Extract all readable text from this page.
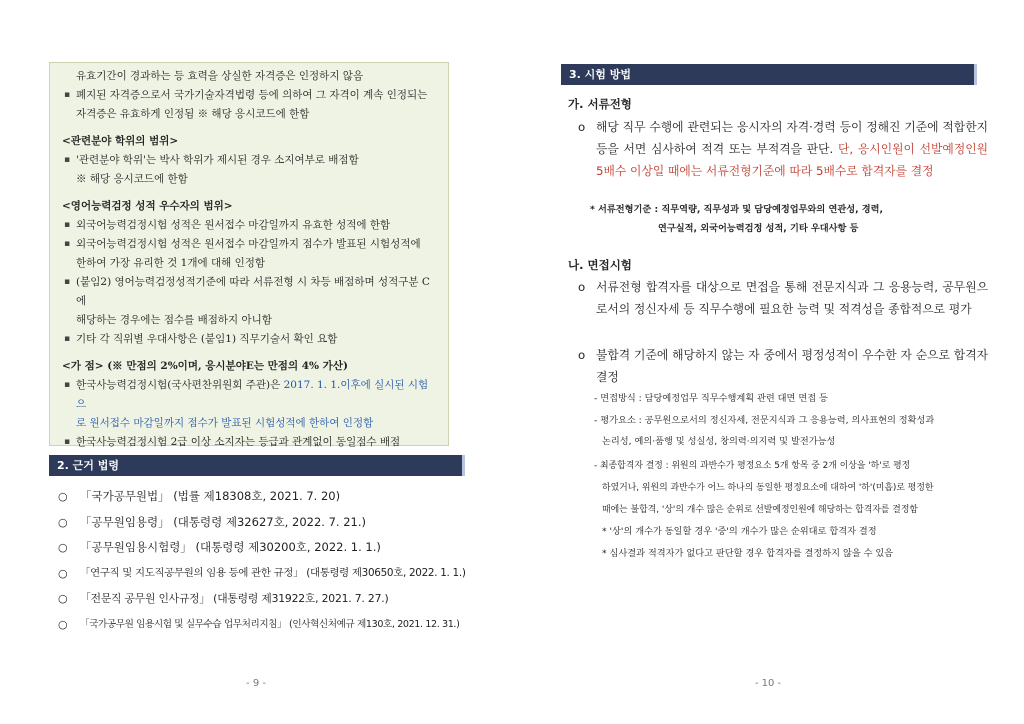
유효기간이 경과하는 등 효력을 상실한 자격증은 인정하지 않음

▪ 폐지된 자격증으로서 국가기술자격법령 등에 의하여 그 자격이 계속 인정되는

자격증은 유효하게 인정됨 ※ 해당 응시코드에 한함

<관련분야 학위의 범위>

▪ '관련분야 학위'는 박사 학위가 제시된 경우 소지여부로 배점함

※ 해당 응시코드에 한함

<영어능력검정 성적 우수자의 범위>

▪ 외국어능력검정시험 성적은 원서접수 마감일까지 유효한 성적에 한함

▪ 외국어능력검정시험 성적은 원서접수 마감일까지 점수가 발표된 시험성적에

한하여 가장 유리한 것 1개에 대해 인정함

▪ (붙임2) 영어능력검정성적기준에 따라 서류전형 시 차등 배점하며 성적구분 C에

해당하는 경우에는 점수를 배점하지 아니함

▪ 기타 각 직위별 우대사항은 (붙임1) 직무기술서 확인 요함

<가 점> (※ 만점의 2%이며, 응시분야E는 만점의 4% 가산)

▪ 한국사능력검정시험(국사편찬위원회 주관)은 2017. 1. 1.이후에 실시된 시험으

로 원서접수 마감일까지 점수가 발표된 시험성적에 한하여 인정함

▪ 한국사능력검정시험 2급 이상 소지자는 등급과 관계없이 동일점수 배점

2. 근거 법령
○ 「국가공무원법」 (법률 제18308호, 2021. 7. 20)
○ 「공무원임용령」 (대통령령 제32627호, 2022. 7. 21.)
○ 「공무원임용시험령」 (대통령령 제30200호, 2022. 1. 1.)
○ 「연구직 및 지도직공무원의 임용 등에 관한 규정」 (대통령령 제30650호, 2022. 1. 1.)
○ 「전문직 공무원 인사규정」 (대통령령 제31922호, 2021. 7. 27.)
○ 「국가공무원 임용시험 및 실무수습 업무처리지침」 (인사혁신처예규 제130호, 2021. 12. 31.)
- 9 -
3. 시험 방법
가. 서류전형
o 해당 직무 수행에 관련되는 응시자의 자격·경력 등이 정해진 기준에 적합한지 등을 서면 심사하여 적격 또는 부적격을 판단. 단, 응시인원이 선발예정인원 5배수 이상일 때에는 서류전형기준에 따라 5배수로 합격자를 결정
* 서류전형기준 : 직무역량, 직무성과 및 담당예정업무와의 연관성, 경력,
연구실적, 외국어능력검정 성적, 기타 우대사항 등
나. 면접시험
o 서류전형 합격자를 대상으로 면접을 통해 전문지식과 그 응용능력, 공무원으로서의 정신자세 등 직무수행에 필요한 능력 및 적격성을 종합적으로 평가
o 불합격 기준에 해당하지 않는 자 중에서 평정성적이 우수한 자 순으로 합격자 결정
- 면접방식 : 담당예정업무 직무수행계획 관련 대면 면접 등
- 평가요소 : 공무원으로서의 정신자세, 전문지식과 그 응용능력, 의사표현의 정확성과
논리성, 예의·품행 및 성실성, 창의력·의지력 및 발전가능성
- 최종합격자 결정 : 위원의 과반수가 평정요소 5개 항목 중 2개 이상을 '하'로 평정
하였거나, 위원의 과반수가 어느 하나의 동일한 평정요소에 대하여 '하'(미흡)로 평정한
때에는 불합격, '상'의 개수 많은 순위로 선발예정인원에 해당하는 합격자를 결정함
* '상'의 개수가 동일할 경우 '중'의 개수가 많은 순위대로 합격자 결정
* 심사결과 적격자가 없다고 판단할 경우 합격자를 결정하지 않을 수 있음
- 10 -
